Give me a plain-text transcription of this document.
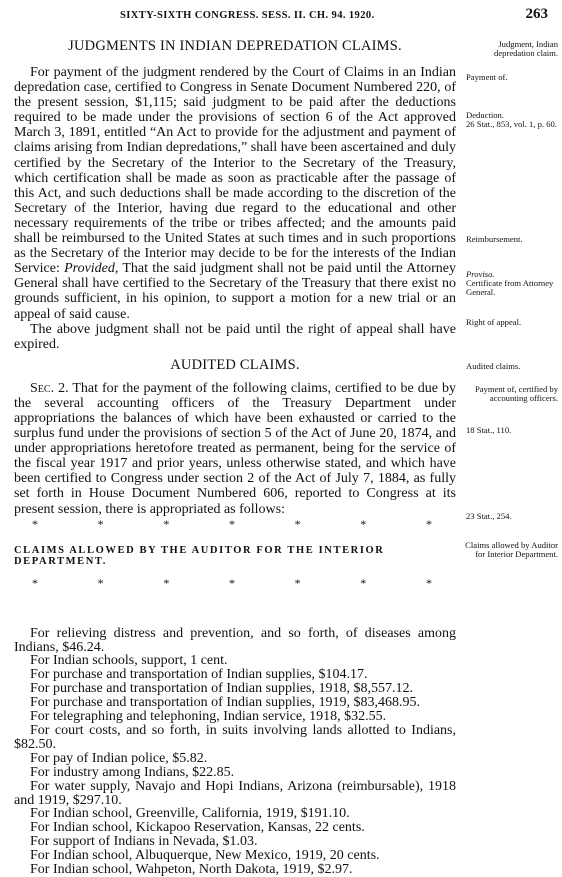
SIXTY-SIXTH CONGRESS. SESS. II. CH. 94. 1920.	263
JUDGMENTS IN INDIAN DEPREDATION CLAIMS.

For payment of the judgment rendered by the Court of Claims in an Indian depredation case, certified to Congress in Senate Document Numbered 220, of the present session, $1,115; said judgment to be paid after the deductions required to be made under the provisions of section 6 of the Act approved March 3, 1891, entitled “An Act to provide for the adjustment and payment of claims arising from Indian depredations,” shall have been ascertained and duly certified by the Secretary of the Interior to the Secretary of the Treasury, which certification shall be made as soon as practicable after the passage of this Act, and such deductions shall be made according to the discretion of the Secretary of the Interior, having due regard to the educational and other necessary requirements of the tribe or tribes affected; and the amounts paid shall be reimbursed to the United States at such times and in such proportions as the Secretary of the Interior may decide to be for the interests of the Indian Service: Provided, That the said judgment shall not be paid until the Attorney General shall have certified to the Secretary of the Treasury that there exist no grounds sufficient, in his opinion, to support a motion for a new trial or an appeal of said cause.

The above judgment shall not be paid until the right of appeal shall have expired.

AUDITED CLAIMS.

Sec. 2. That for the payment of the following claims, certified to be due by the several accounting officers of the Treasury Department under appropriations the balances of which have been exhausted or carried to the surplus fund under the provisions of section 5 of the Act of June 20, 1874, and under appropriations heretofore treated as permanent, being for the service of the fiscal year 1917 and prior years, unless otherwise stated, and which have been certified to Congress under section 2 of the Act of July 7, 1884, as fully set forth in House Document Numbered 606, reported to Congress at its present session, there is appropriated as follows:

*	*	*	*	*	*	*
CLAIMS ALLOWED BY THE AUDITOR FOR THE INTERIOR DEPARTMENT.
*	*	*	*	*	*	*

For relieving distress and prevention, and so forth, of diseases among Indians, $46.24.

For Indian schools, support, 1 cent.

For purchase and transportation of Indian supplies, $104.17.

For purchase and transportation of Indian supplies, 1918, $8,557.12.

For purchase and transportation of Indian supplies, 1919, $83,468.95.

For telegraphing and telephoning, Indian service, 1918, $32.55.

For court costs, and so forth, in suits involving lands allotted to Indians, $82.50.

For pay of Indian police, $5.82.

For industry among Indians, $22.85.

For water supply, Navajo and Hopi Indians, Arizona (reimbursable), 1918 and 1919, $297.10.

For Indian school, Greenville, California, 1919, $191.10.

For Indian school, Kickapoo Reservation, Kansas, 22 cents.

For support of Indians in Nevada, $1.03.

For Indian school, Albuquerque, New Mexico, 1919, 20 cents.

For Indian school, Wahpeton, North Dakota, 1919, $2.97.

Judgment, Indian depredation claim.
Payment of.
Deduction.
26 Stat., 853, vol. 1, p. 60.
Reimbursement.
Proviso.
Certificate from Attorney General.
Right of appeal.
Audited claims.
Payment of, certified by accounting officers.
18 Stat., 110.
23 Stat., 254.
Claims allowed by Auditor for Interior Department.
